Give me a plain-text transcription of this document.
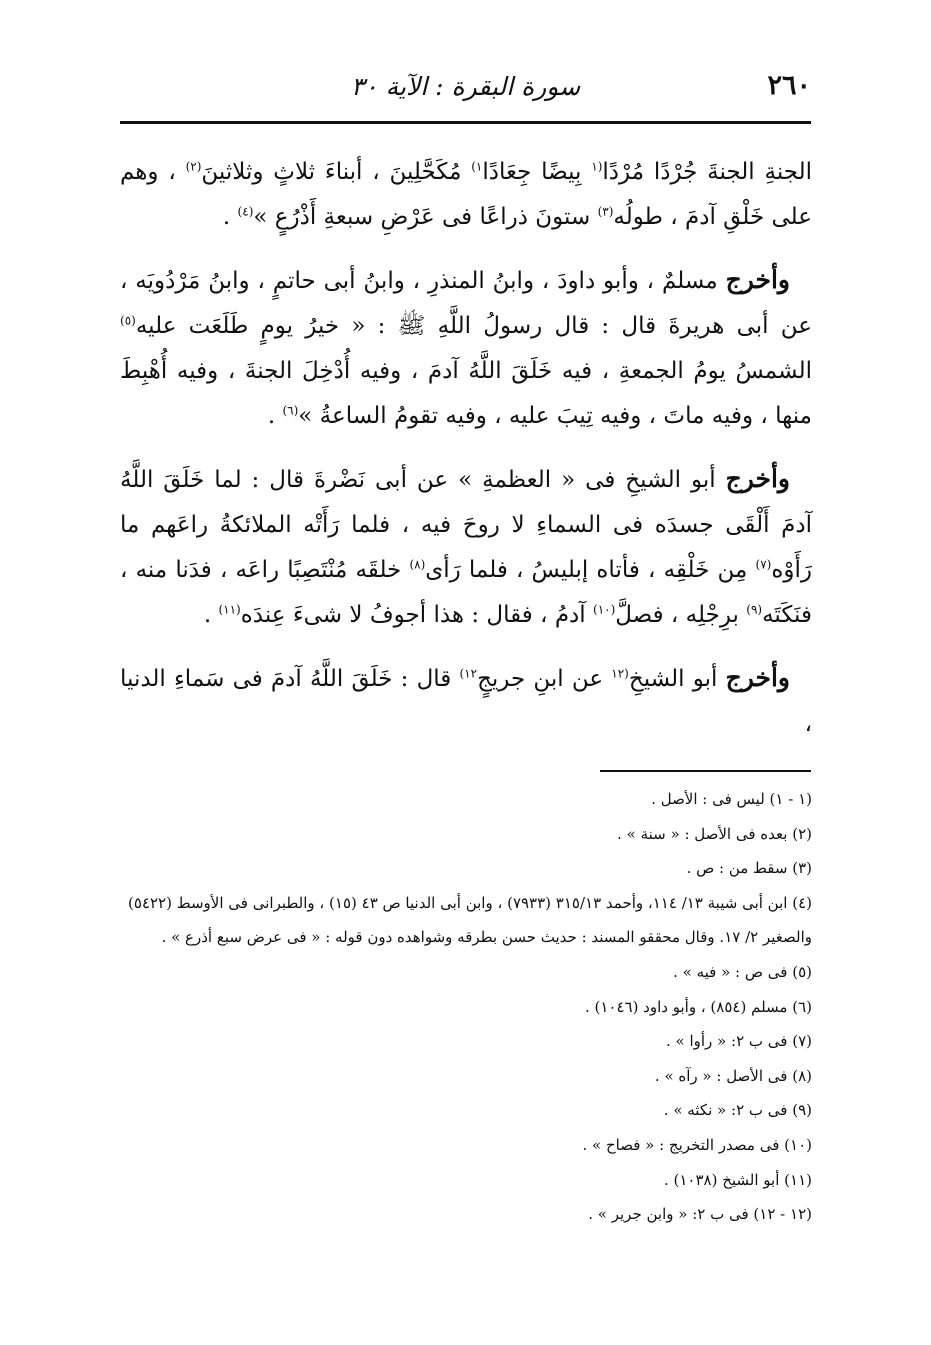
٢٦٠
سورة البقرة : الآية ٣٠

الجنةِ الجنةَ جُرْدًا مُرْدًا$^{(١}$ بِيضًا جِعَادًا$^{١)}$ مُكَحَّلِينَ ، أبناءَ ثلاثٍ وثلاثينَ$^{(٢)}$ ، وهم على خَلْقِ آدمَ ، طولُه$^{(٣)}$ ستونَ ذراعًا فى عَرْضِ سبعةِ أَذْرُعٍ »$^{(٤)}$ .

وأخرج مسلمٌ ، وأبو داودَ ، وابنُ المنذرِ ، وابنُ أبى حاتمٍ ، وابنُ مَرْدُويَه ، عن أبى هريرةَ قال : قال رسولُ اللَّهِ ﷺ : « خيرُ يومٍ طَلَعَت عليه$^{(٥)}$ الشمسُ يومُ الجمعةِ ، فيه خَلَقَ اللَّهُ آدمَ ، وفيه أُدْخِلَ الجنةَ ، وفيه أُهْبِطَ منها ، وفيه ماتَ ، وفيه تِيبَ عليه ، وفيه تقومُ الساعةُ »$^{(٦)}$ .

وأخرج أبو الشيخِ فى « العظمةِ » عن أبى نَضْرةَ قال : لما خَلَقَ اللَّهُ آدمَ أَلْقَى جسدَه فى السماءِ لا روحَ فيه ، فلما رَأَتْه الملائكةُ راعَهم ما رَأَوْه$^{(٧)}$ مِن خَلْقِه ، فأتاه إبليسُ ، فلما رَأى$^{(٨)}$ خلقَه مُنْتَصِبًا راعَه ، فدَنا منه ، فنَكَتَه$^{(٩)}$ برِجْلِه ، فصلَّ$^{(١٠)}$ آدمُ ، فقال : هذا أجوفُ لا شىءَ عِندَه$^{(١١)}$ .

وأخرج أبو الشيخِ$^{(١٢}$ عن ابنِ جريجٍ$^{١٢)}$ قال : خَلَقَ اللَّهُ آدمَ فى سَماءِ الدنيا ،

(١ - ١) ليس فى : الأصل .

(٢) بعده فى الأصل : « سنة » .

(٣) سقط من : ص .

(٤) ابن أبى شيبة ١٣/ ١١٤، وأحمد ٣١٥/١٣ (٧٩٣٣) ، وابن أبى الدنيا ص ٤٣ (١٥) ، والطبرانى فى الأوسط (٥٤٢٢) والصغير ٢/ ١٧. وقال محققو المسند : حديث حسن بطرقه وشواهده دون قوله : « فى عرض سبع أذرع » .

(٥) فى ص : « فيه » .

(٦) مسلم (٨٥٤) ، وأبو داود (١٠٤٦) .

(٧) فى ب ٢: « رأوا » .

(٨) فى الأصل : « رآه » .

(٩) فى ب ٢: « نكثه » .

(١٠) فى مصدر التخريج : « فصاح » .

(١١) أبو الشيخ (١٠٣٨) .

(١٢ - ١٢) فى ب ٢: « وابن جرير » .
